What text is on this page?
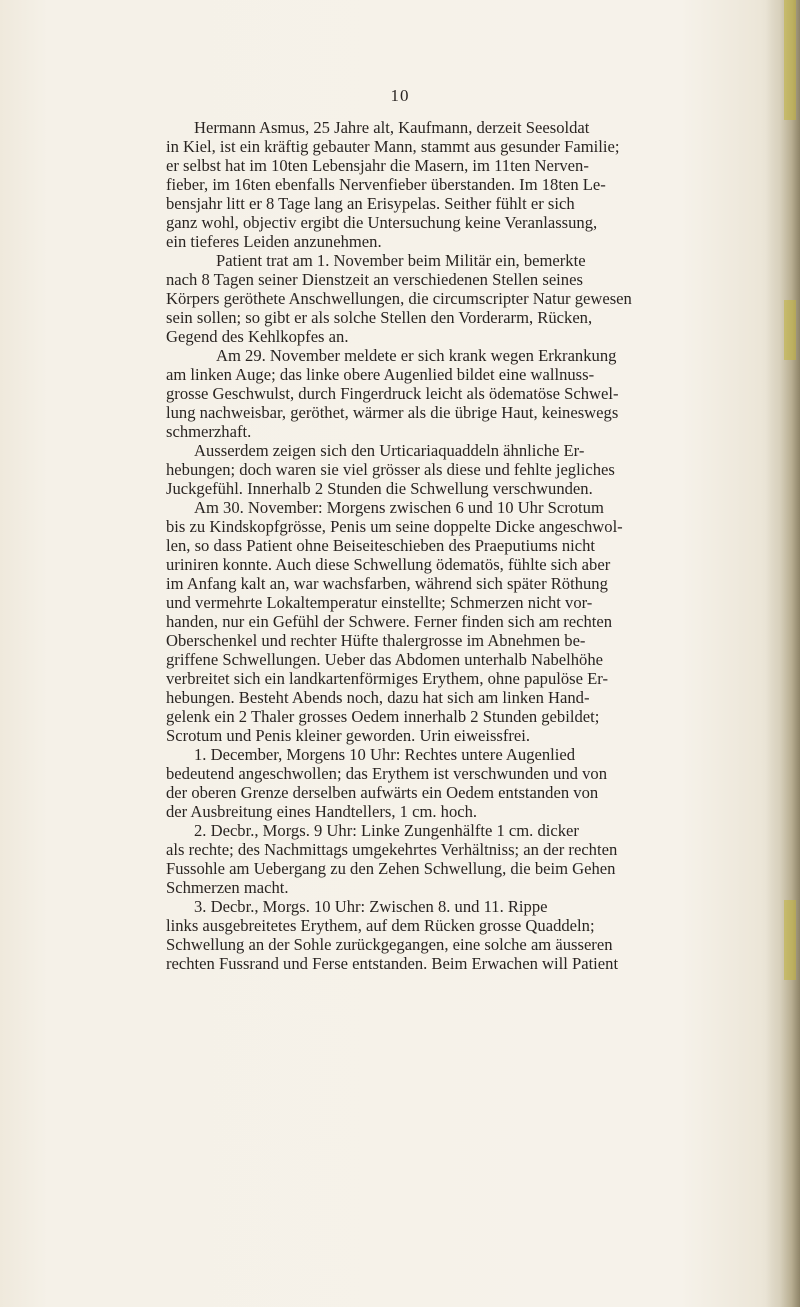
10
Hermann Asmus, 25 Jahre alt, Kaufmann, derzeit Seesoldat
in Kiel, ist ein kräftig gebauter Mann, stammt aus gesunder Familie;
er selbst hat im 10ten Lebensjahr die Masern, im 11ten Nerven-
fieber, im 16ten ebenfalls Nervenfieber überstanden. Im 18ten Le-
bensjahr litt er 8 Tage lang an Erisypelas. Seither fühlt er sich
ganz wohl, objectiv ergibt die Untersuchung keine Veranlassung,
ein tieferes Leiden anzunehmen.
Patient trat am 1. November beim Militär ein, bemerkte
nach 8 Tagen seiner Dienstzeit an verschiedenen Stellen seines
Körpers geröthete Anschwellungen, die circumscripter Natur gewesen
sein sollen; so gibt er als solche Stellen den Vorderarm, Rücken,
Gegend des Kehlkopfes an.
Am 29. November meldete er sich krank wegen Erkrankung
am linken Auge; das linke obere Augenlied bildet eine wallnuss-
grosse Geschwulst, durch Fingerdruck leicht als ödematöse Schwel-
lung nachweisbar, geröthet, wärmer als die übrige Haut, keineswegs
schmerzhaft.
Ausserdem zeigen sich den Urticariaquaddeln ähnliche Er-
hebungen; doch waren sie viel grösser als diese und fehlte jegliches
Juckgefühl. Innerhalb 2 Stunden die Schwellung verschwunden.
Am 30. November: Morgens zwischen 6 und 10 Uhr Scrotum
bis zu Kindskopfgrösse, Penis um seine doppelte Dicke angeschwol-
len, so dass Patient ohne Beiseiteschieben des Praeputiums nicht
uriniren konnte. Auch diese Schwellung ödematös, fühlte sich aber
im Anfang kalt an, war wachsfarben, während sich später Röthung
und vermehrte Lokaltemperatur einstellte; Schmerzen nicht vor-
handen, nur ein Gefühl der Schwere. Ferner finden sich am rechten
Oberschenkel und rechter Hüfte thalergrosse im Abnehmen be-
griffene Schwellungen. Ueber das Abdomen unterhalb Nabelhöhe
verbreitet sich ein landkartenförmiges Erythem, ohne papulöse Er-
hebungen. Besteht Abends noch, dazu hat sich am linken Hand-
gelenk ein 2 Thaler grosses Oedem innerhalb 2 Stunden gebildet;
Scrotum und Penis kleiner geworden. Urin eiweissfrei.
1. December, Morgens 10 Uhr: Rechtes untere Augenlied
bedeutend angeschwollen; das Erythem ist verschwunden und von
der oberen Grenze derselben aufwärts ein Oedem entstanden von
der Ausbreitung eines Handtellers, 1 cm. hoch.
2. Decbr., Morgs. 9 Uhr: Linke Zungenhälfte 1 cm. dicker
als rechte; des Nachmittags umgekehrtes Verhältniss; an der rechten
Fussohle am Uebergang zu den Zehen Schwellung, die beim Gehen
Schmerzen macht.
3. Decbr., Morgs. 10 Uhr: Zwischen 8. und 11. Rippe
links ausgebreitetes Erythem, auf dem Rücken grosse Quaddeln;
Schwellung an der Sohle zurückgegangen, eine solche am äusseren
rechten Fussrand und Ferse entstanden. Beim Erwachen will Patient
